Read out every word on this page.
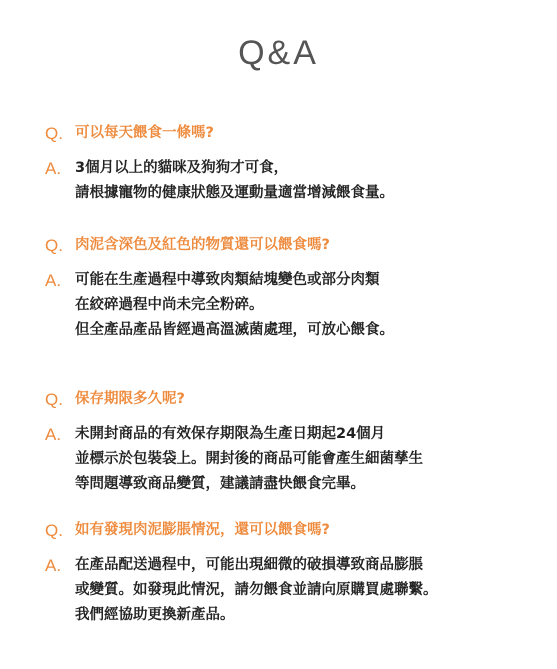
Q&A
Q. 可以每天餵食一條嗎?
A. 3個月以上的貓咪及狗狗才可食，
請根據寵物的健康狀態及運動量適當增減餵食量。
Q. 肉泥含深色及紅色的物質還可以餵食嗎?
A. 可能在生產過程中導致肉類結塊變色或部分肉類
在絞碎過程中尚未完全粉碎。
但全產品產品皆經過高溫滅菌處理，可放心餵食。
Q. 保存期限多久呢?
A. 未開封商品的有效保存期限為生產日期起24個月
並標示於包裝袋上。開封後的商品可能會產生細菌孳生
等問題導致商品變質，建議請盡快餵食完畢。
Q. 如有發現肉泥膨脹情況，還可以餵食嗎?
A. 在產品配送過程中，可能出現細微的破損導致商品膨脹
或變質。如發現此情況，請勿餵食並請向原購買處聯繫。
我們經協助更換新產品。
